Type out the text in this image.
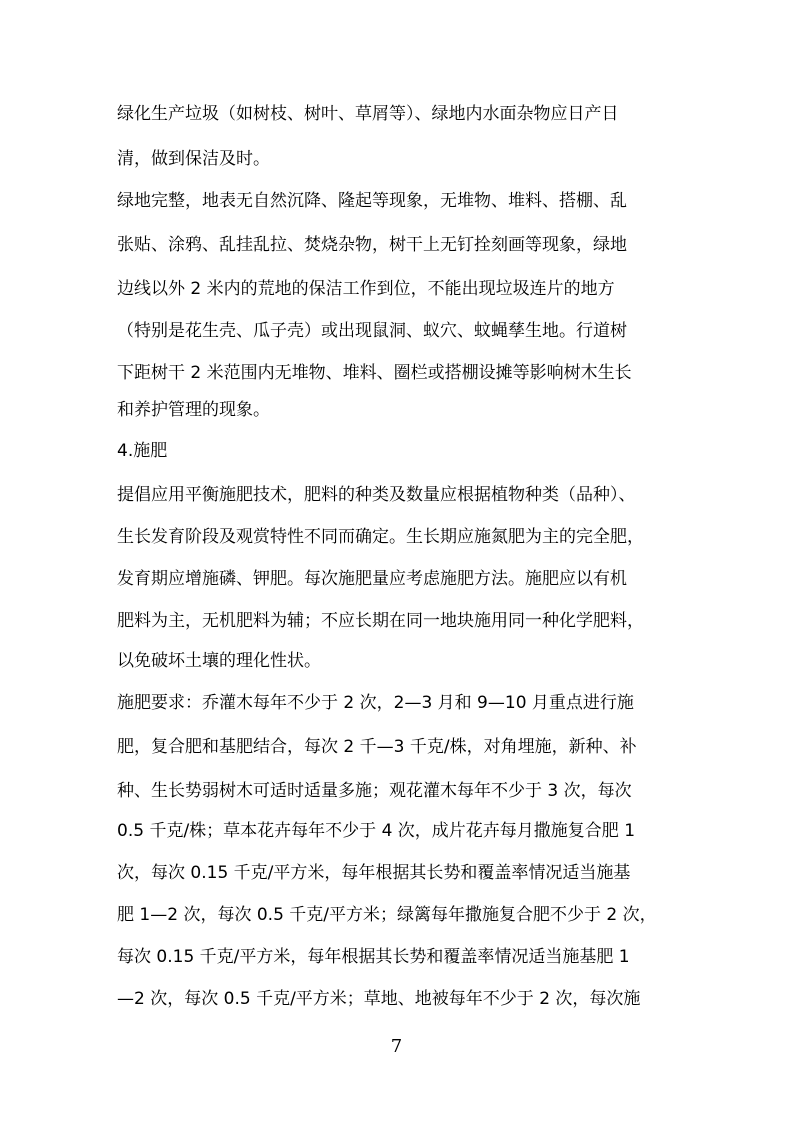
绿化生产垃圾（如树枝、树叶、草屑等）、绿地内水面杂物应日产日
清，做到保洁及时。
绿地完整，地表无自然沉降、隆起等现象，无堆物、堆料、搭棚、乱
张贴、涂鸦、乱挂乱拉、焚烧杂物，树干上无钉拴刻画等现象，绿地
边线以外 2 米内的荒地的保洁工作到位，不能出现垃圾连片的地方
（特别是花生壳、瓜子壳）或出现鼠洞、蚁穴、蚊蝇孳生地。行道树
下距树干 2 米范围内无堆物、堆料、圈栏或搭棚设摊等影响树木生长
和养护管理的现象。
4.施肥
提倡应用平衡施肥技术，肥料的种类及数量应根据植物种类（品种）、
生长发育阶段及观赏特性不同而确定。生长期应施氮肥为主的完全肥，
发育期应增施磷、钾肥。每次施肥量应考虑施肥方法。施肥应以有机
肥料为主，无机肥料为辅；不应长期在同一地块施用同一种化学肥料，
以免破坏土壤的理化性状。
施肥要求：乔灌木每年不少于 2 次，2—3 月和 9—10 月重点进行施
肥，复合肥和基肥结合，每次 2 千—3 千克/株，对角埋施，新种、补
种、生长势弱树木可适时适量多施；观花灌木每年不少于 3 次，每次
0.5 千克/株；草本花卉每年不少于 4 次，成片花卉每月撒施复合肥 1
次，每次 0.15 千克/平方米，每年根据其长势和覆盖率情况适当施基
肥 1—2 次，每次 0.5 千克/平方米；绿篱每年撒施复合肥不少于 2 次，
每次 0.15 千克/平方米，每年根据其长势和覆盖率情况适当施基肥 1
—2 次，每次 0.5 千克/平方米；草地、地被每年不少于 2 次，每次施
7
